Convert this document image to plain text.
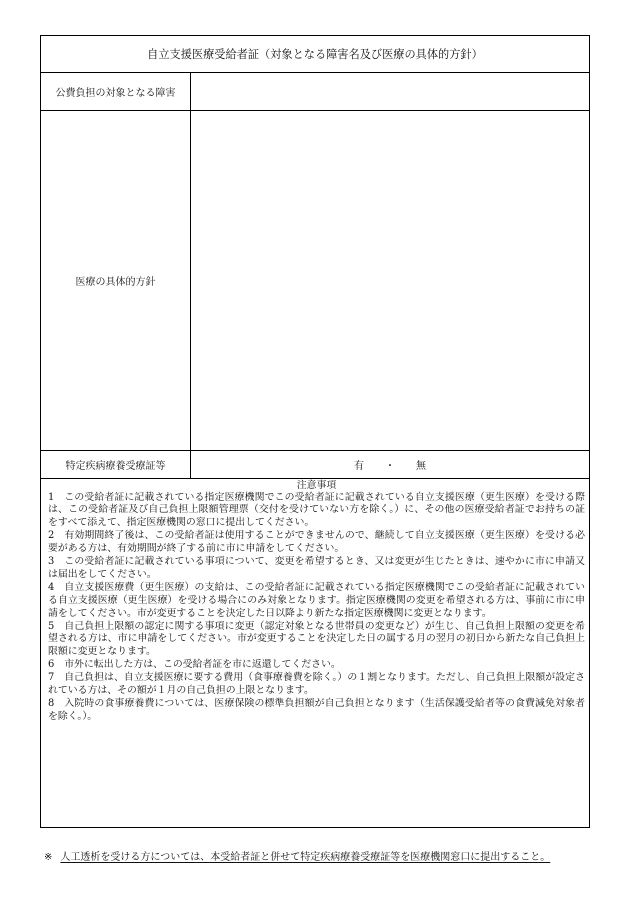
自立支援医療受給者証（対象となる障害名及び医療の具体的方針）
公費負担の対象となる障害
医療の具体的方針
特定疾病療養受療証等	有 ・ 無
注意事項

1 この受給者証に記載されている指定医療機関でこの受給者証に記載されている自立支援医療（更生医療）を受ける際は、この受給者証及び自己負担上限額管理票（交付を受けていない方を除く。）に、その他の医療受給者証でお持ちの証をすべて添えて、指定医療機関の窓口に提出してください。

2 有効期間終了後は、この受給者証は使用することができませんので、継続して自立支援医療（更生医療）を受ける必要がある方は、有効期間が終了する前に市に申請をしてください。

3 この受給者証に記載されている事項について、変更を希望するとき、又は変更が生じたときは、速やかに市に申請又は届出をしてください。

4 自立支援医療費（更生医療）の支給は、この受給者証に記載されている指定医療機関でこの受給者証に記載されている自立支援医療（更生医療）を受ける場合にのみ対象となります。指定医療機関の変更を希望される方は、事前に市に申請をしてください。市が変更することを決定した日以降より新たな指定医療機関に変更となります。

5 自己負担上限額の認定に関する事項に変更（認定対象となる世帯員の変更など）が生じ、自己負担上限額の変更を希望される方は、市に申請をしてください。市が変更することを決定した日の属する月の翌月の初日から新たな自己負担上限額に変更となります。

6 市外に転出した方は、この受給者証を市に返還してください。

7 自己負担は、自立支援医療に要する費用（食事療養費を除く。）の１割となります。ただし、自己負担上限額が設定されている方は、その額が１月の自己負担の上限となります。

8 入院時の食事療養費については、医療保険の標準負担額が自己負担となります（生活保護受給者等の食費減免対象者を除く。）。

※ 人工透析を受ける方については、本受給者証と併せて特定疾病療養受療証等を医療機関窓口に提出すること。
